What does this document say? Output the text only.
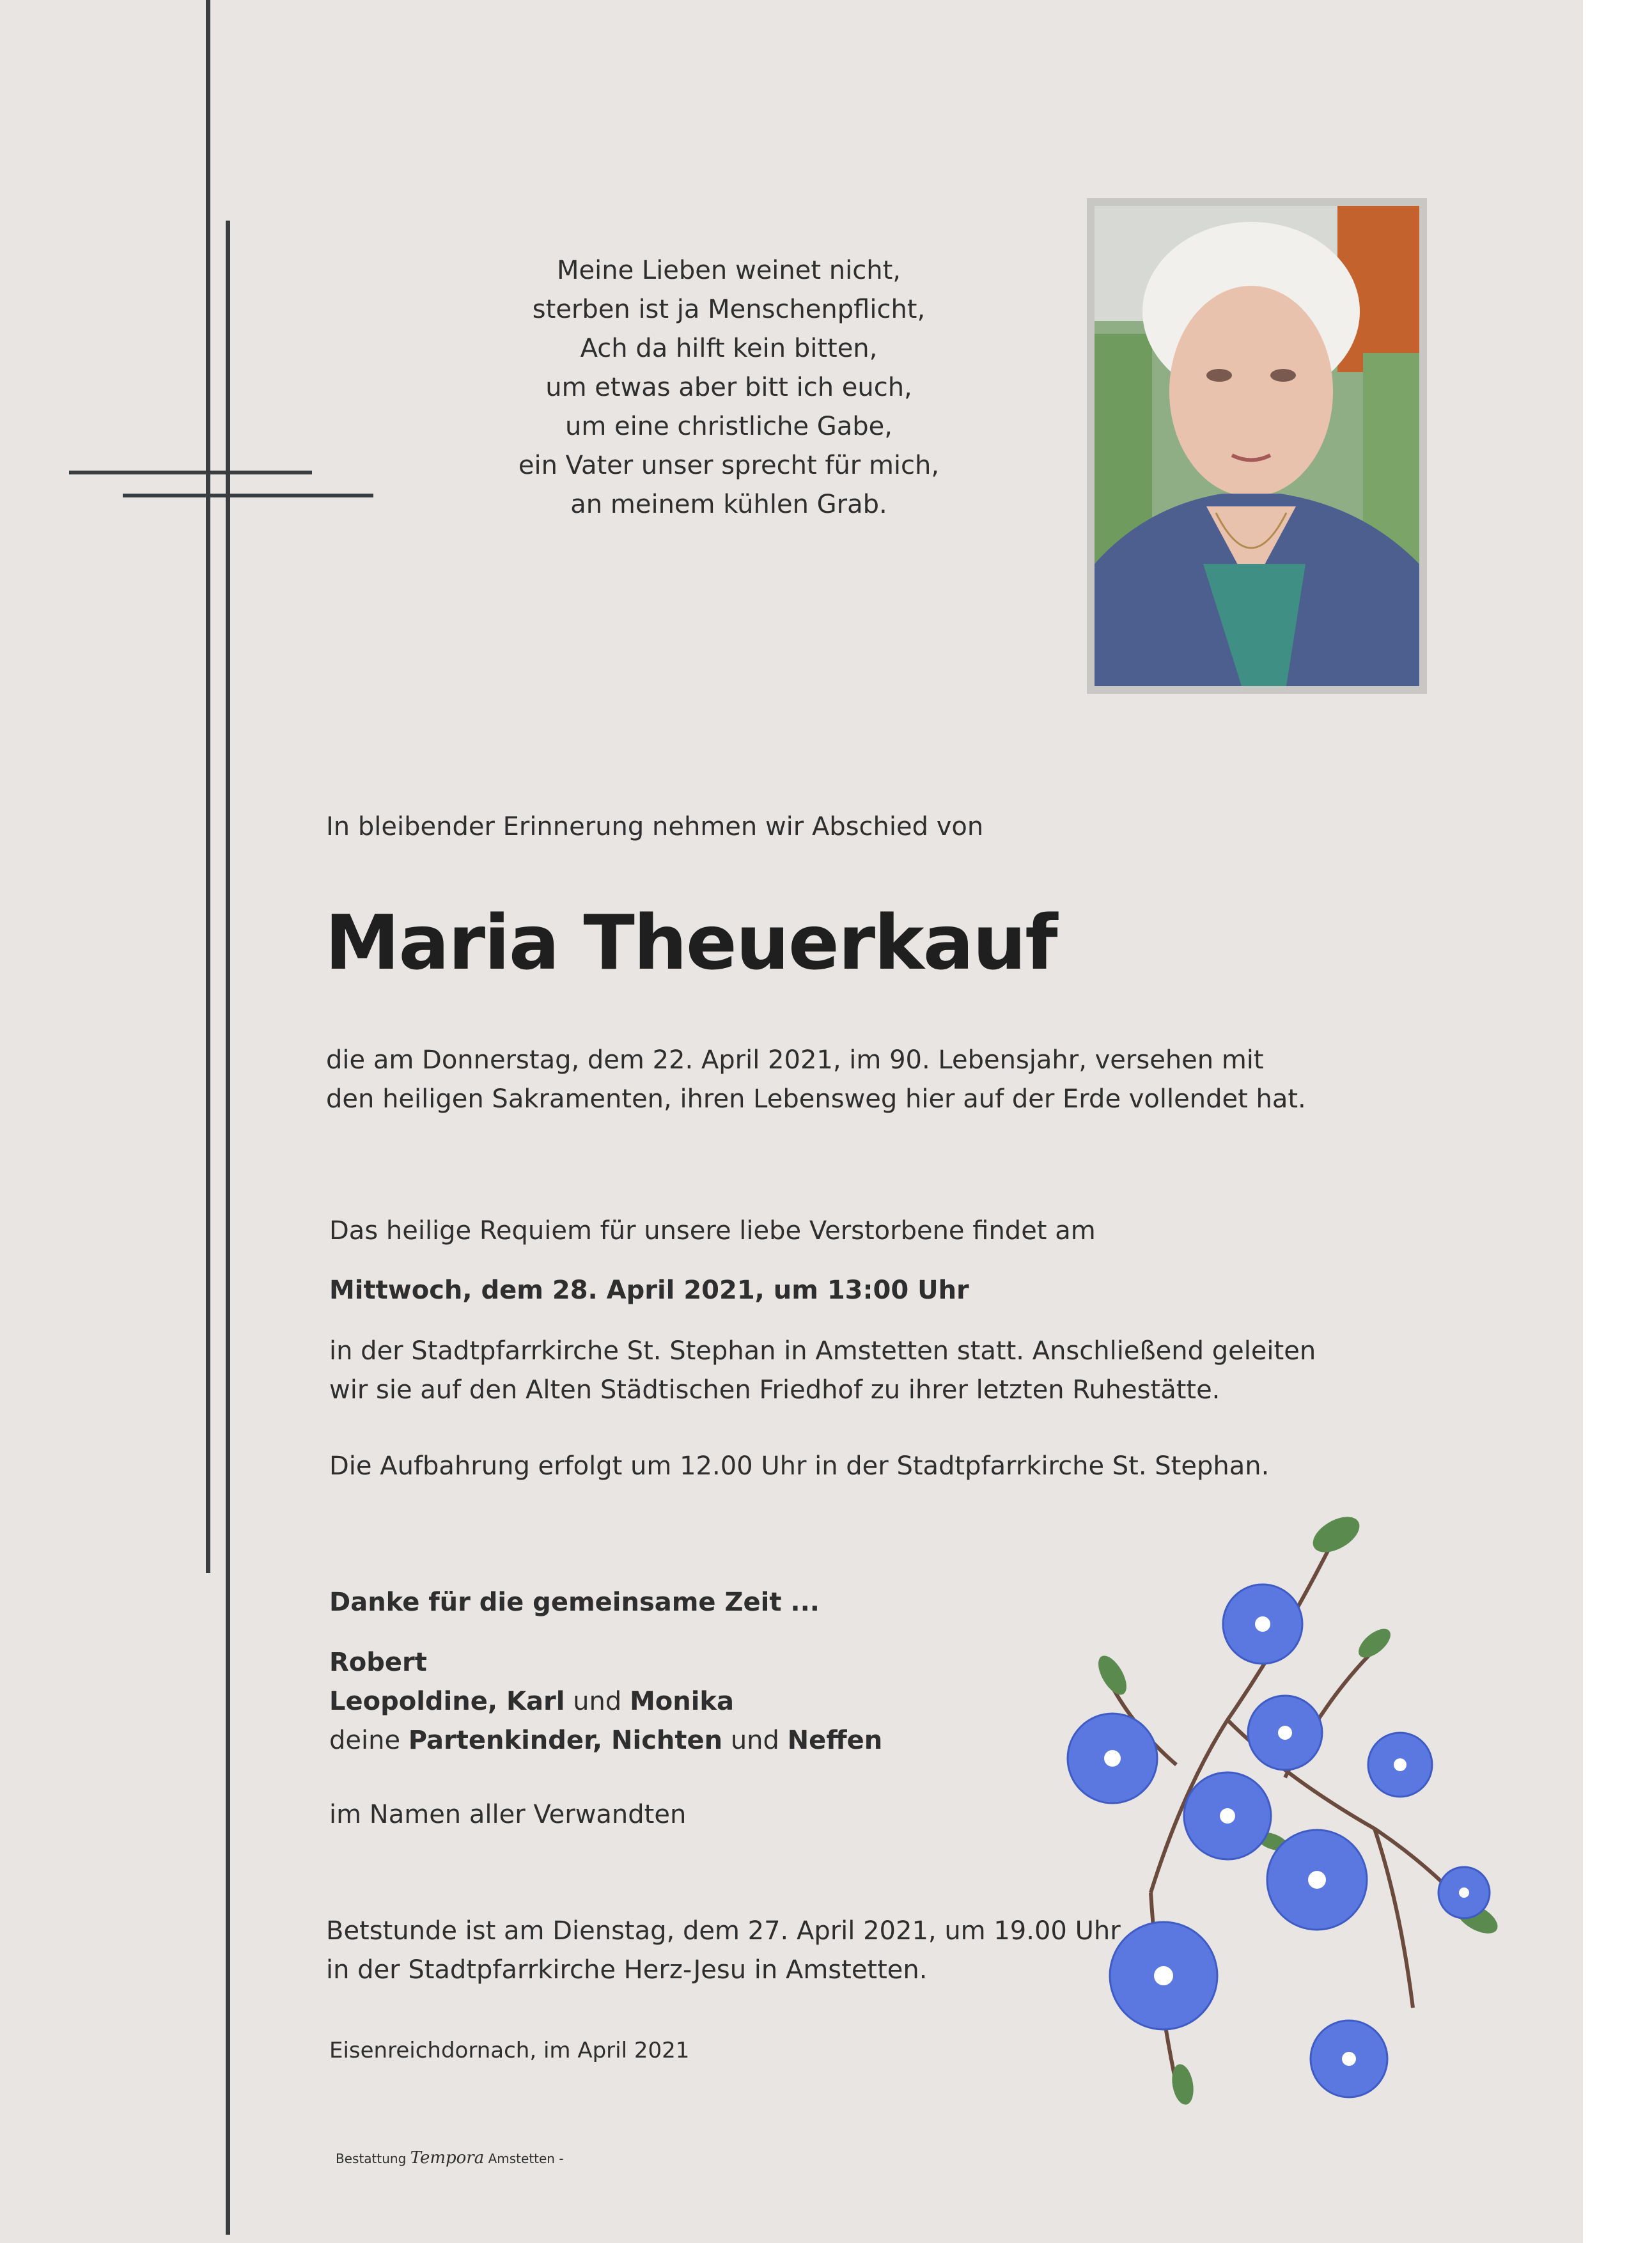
Meine Lieben weinet nicht,
sterben ist ja Menschenpflicht,
Ach da hilft kein bitten,
um etwas aber bitt ich euch,
um eine christliche Gabe,
ein Vater unser sprecht für mich,
an meinem kühlen Grab.
In bleibender Erinnerung nehmen wir Abschied von
Maria Theuerkauf
die am Donnerstag, dem 22. April 2021, im 90. Lebensjahr, versehen mit
den heiligen Sakramenten, ihren Lebensweg hier auf der Erde vollendet hat.
Das heilige Requiem für unsere liebe Verstorbene findet am
Mittwoch, dem 28. April 2021, um 13:00 Uhr
in der Stadtpfarrkirche St. Stephan in Amstetten statt. Anschließend geleiten
wir sie auf den Alten Städtischen Friedhof zu ihrer letzten Ruhestätte.
Die Aufbahrung erfolgt um 12.00 Uhr in der Stadtpfarrkirche St. Stephan.
Danke für die gemeinsame Zeit ...
Robert
Leopoldine, Karl und Monika
deine Partenkinder, Nichten und Neffen
im Namen aller Verwandten
Betstunde ist am Dienstag, dem 27. April 2021, um 19.00 Uhr
in der Stadtpfarrkirche Herz-Jesu in Amstetten.
Eisenreichdornach, im April 2021
Bestattung Tempora Amstetten -
